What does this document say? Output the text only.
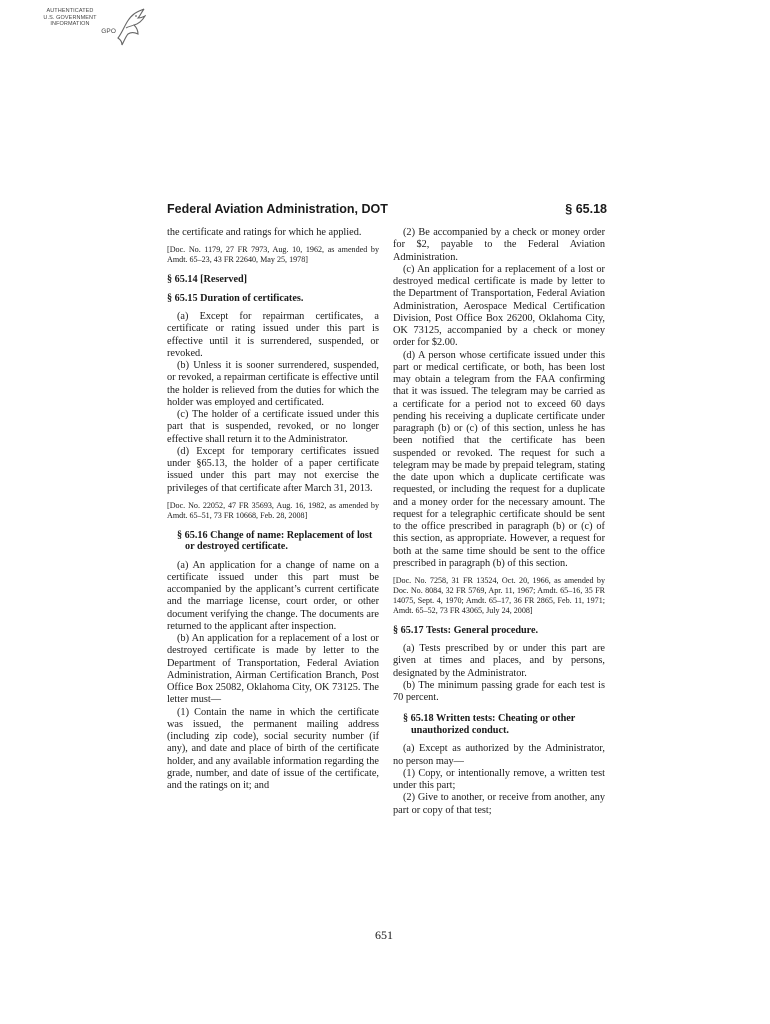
AUTHENTICATED
U.S. GOVERNMENT
INFORMATION
GPO
Federal Aviation Administration, DOT	§ 65.18

the certificate and ratings for which he applied.

[Doc. No. 1179, 27 FR 7973, Aug. 10, 1962, as amended by Amdt. 65–23, 43 FR 22640, May 25, 1978]

§ 65.14 [Reserved]
§ 65.15 Duration of certificates.

(a) Except for repairman certificates, a certificate or rating issued under this part is effective until it is surrendered, suspended, or revoked.

(b) Unless it is sooner surrendered, suspended, or revoked, a repairman certificate is effective until the holder is relieved from the duties for which the holder was employed and certificated.

(c) The holder of a certificate issued under this part that is suspended, revoked, or no longer effective shall return it to the Administrator.

(d) Except for temporary certificates issued under §65.13, the holder of a paper certificate issued under this part may not exercise the privileges of that certificate after March 31, 2013.

[Doc. No. 22052, 47 FR 35693, Aug. 16, 1982, as amended by Amdt. 65–51, 73 FR 10668, Feb. 28, 2008]

§ 65.16 Change of name: Replacement of lost or destroyed certificate.

(a) An application for a change of name on a certificate issued under this part must be accompanied by the applicant’s current certificate and the marriage license, court order, or other document verifying the change. The documents are returned to the applicant after inspection.

(b) An application for a replacement of a lost or destroyed certificate is made by letter to the Department of Transportation, Federal Aviation Administration, Airman Certification Branch, Post Office Box 25082, Oklahoma City, OK 73125. The letter must—

(1) Contain the name in which the certificate was issued, the permanent mailing address (including zip code), social security number (if any), and date and place of birth of the certificate holder, and any available information regarding the grade, number, and date of issue of the certificate, and the ratings on it; and

(2) Be accompanied by a check or money order for $2, payable to the Federal Aviation Administration.

(c) An application for a replacement of a lost or destroyed medical certificate is made by letter to the Department of Transportation, Federal Aviation Administration, Aerospace Medical Certification Division, Post Office Box 26200, Oklahoma City, OK 73125, accompanied by a check or money order for $2.00.

(d) A person whose certificate issued under this part or medical certificate, or both, has been lost may obtain a telegram from the FAA confirming that it was issued. The telegram may be carried as a certificate for a period not to exceed 60 days pending his receiving a duplicate certificate under paragraph (b) or (c) of this section, unless he has been notified that the certificate has been suspended or revoked. The request for such a telegram may be made by prepaid telegram, stating the date upon which a duplicate certificate was requested, or including the request for a duplicate and a money order for the necessary amount. The request for a telegraphic certificate should be sent to the office prescribed in paragraph (b) or (c) of this section, as appropriate. However, a request for both at the same time should be sent to the office prescribed in paragraph (b) of this section.

[Doc. No. 7258, 31 FR 13524, Oct. 20, 1966, as amended by Doc. No. 8084, 32 FR 5769, Apr. 11, 1967; Amdt. 65–16, 35 FR 14075, Sept. 4, 1970; Amdt. 65–17, 36 FR 2865, Feb. 11, 1971; Amdt. 65–52, 73 FR 43065, July 24, 2008]

§ 65.17 Tests: General procedure.

(a) Tests prescribed by or under this part are given at times and places, and by persons, designated by the Administrator.

(b) The minimum passing grade for each test is 70 percent.

§ 65.18 Written tests: Cheating or other unauthorized conduct.

(a) Except as authorized by the Administrator, no person may—

(1) Copy, or intentionally remove, a written test under this part;

(2) Give to another, or receive from another, any part or copy of that test;

651
